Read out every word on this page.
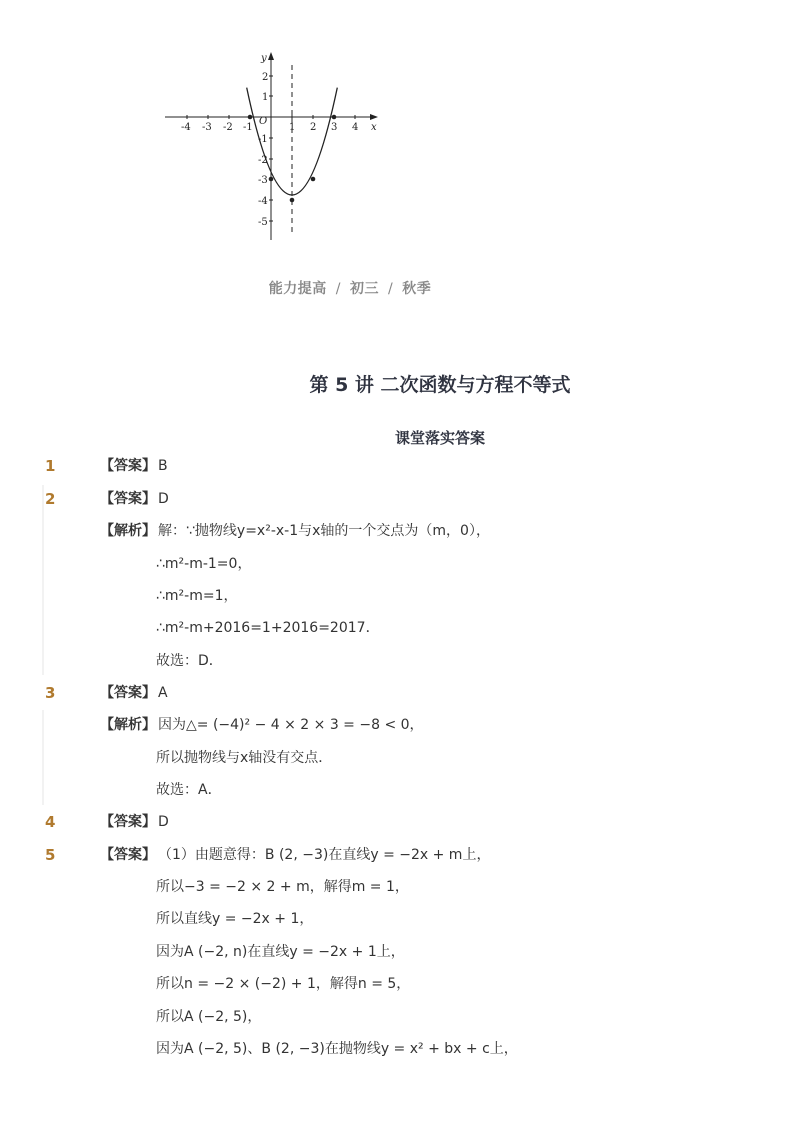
-4 -3 -2 -1	1 2 3 4 x
y
O
2
1
-1
-2
-3
-4
-5
能力提高 / 初三 / 秋季
第 5 讲 二次函数与方程不等式
课堂落实答案
1	【答案】 B
2	【答案】 D
【解析】 解：∵抛物线y=x²-x-1与x轴的一个交点为（m，0），
∴m²-m-1=0，
∴m²-m=1，
∴m²-m+2016=1+2016=2017．
故选：D．
3	【答案】 A
【解析】 因为△= (−4)² − 4 × 2 × 3 = −8 < 0，
所以抛物线与x轴没有交点．
故选：A．
4	【答案】 D
5	【答案】 （1）由题意得：B (2, −3)在直线y = −2x + m上，
所以−3 = −2 × 2 + m，解得m = 1，
所以直线y = −2x + 1，
因为A (−2, n)在直线y = −2x + 1上，
所以n = −2 × (−2) + 1，解得n = 5，
所以A (−2, 5)，
因为A (−2, 5)、B (2, −3)在抛物线y = x² + bx + c上，
